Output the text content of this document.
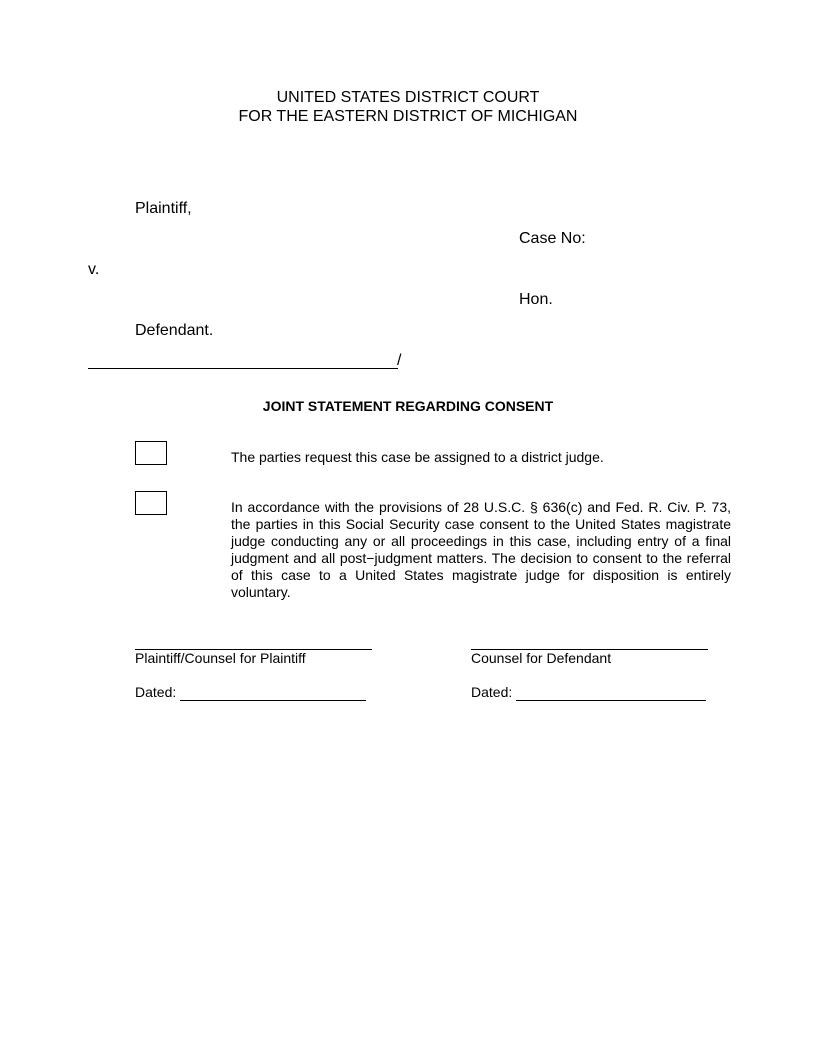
UNITED STATES DISTRICT COURT
FOR THE EASTERN DISTRICT OF MICHIGAN
Plaintiff,
Case No:
v.
Hon.
Defendant.
/
JOINT STATEMENT REGARDING CONSENT
The parties request this case be assigned to a district judge.
In accordance with the provisions of 28 U.S.C. § 636(c) and Fed. R. Civ. P. 73, the parties in this Social Security case consent to the United States magistrate judge conducting any or all proceedings in this case, including entry of a final judgment and all post−judgment matters. The decision to consent to the referral of this case to a United States magistrate judge for disposition is entirely voluntary.
Plaintiff/Counsel for Plaintiff	Counsel for Defendant
Dated:	Dated:
